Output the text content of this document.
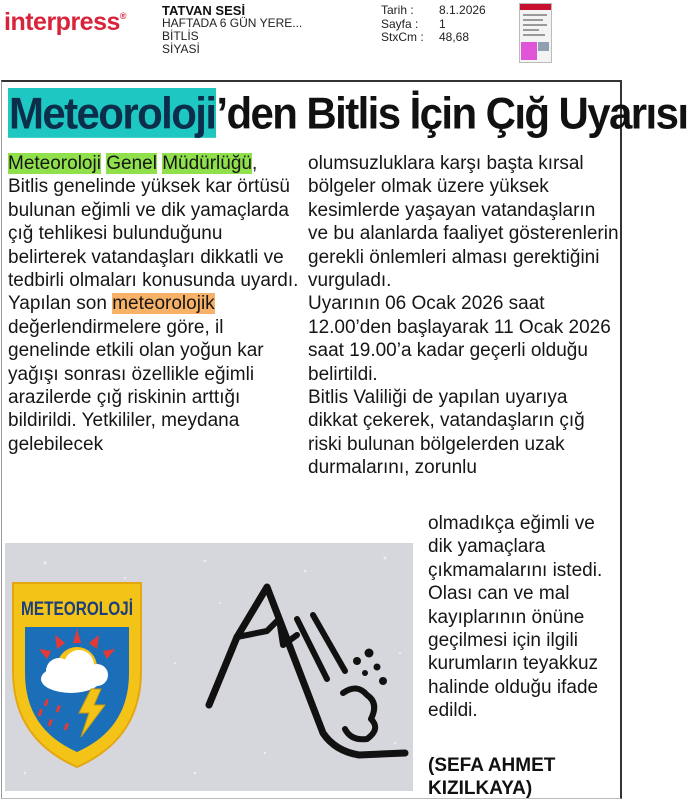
interpress®	TATVAN SESİ
HAFTADA 6 GÜN YERE...
BİTLİS
SİYASİ
Tarih :	8.1.2026
Sayfa :	1
StxCm :	48,68
Meteoroloji’den Bitlis İçin Çığ Uyarısı

Meteoroloji Genel Müdürlüğü, Bitlis genelinde yüksek kar örtüsü bulunan eğimli ve dik yamaçlarda çığ tehlikesi bulunduğunu belirterek vatandaşları dikkatli ve tedbirli olmaları konusunda uyardı.

Yapılan son meteorolojik değerlendirmelere göre, il genelinde etkili olan yoğun kar yağışı sonrası özellikle eğimli arazilerde çığ riskinin arttığı bildirildi. Yetkililer, meydana gelebilecek

olumsuzluklara karşı başta kırsal bölgeler olmak üzere yüksek kesimlerde yaşayan vatandaşların ve bu alanlarda faaliyet gösterenlerin gerekli önlemleri alması gerektiğini vurguladı.

Uyarının 06 Ocak 2026 saat 12.00’den başlayarak 11 Ocak 2026 saat 19.00’a kadar geçerli olduğu belirtildi.

Bitlis Valiliği de yapılan uyarıya dikkat çekerek, vatandaşların çığ riski bulunan bölgelerden uzak durmalarını, zorunlu

olmadıkça eğimli ve dik yamaçlara çıkmamalarını istedi. Olası can ve mal kayıplarının önüne geçilmesi için ilgili kurumların teyakkuz halinde olduğu ifade edildi.

(SEFA AHMET KIZILKAYA)
METEOROLOJİ
